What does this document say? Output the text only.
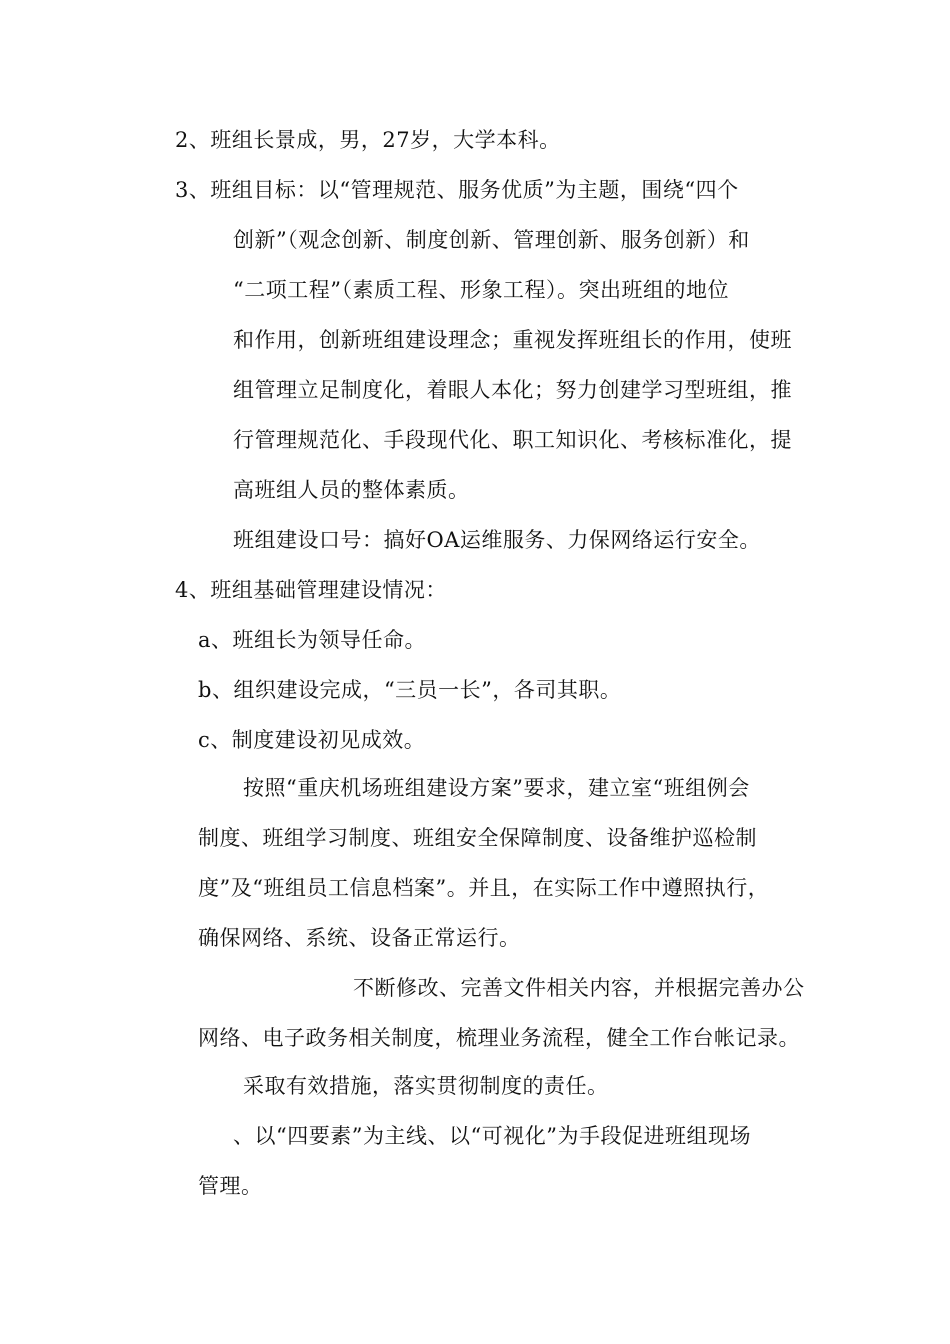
2、班组长景成，男，27岁，大学本科。
3、班组目标：以“管理规范、服务优质”为主题，围绕“四个
创新”（观念创新、制度创新、管理创新、服务创新）和
“二项工程”（素质工程、形象工程）。突出班组的地位
和作用，创新班组建设理念；重视发挥班组长的作用，使班
组管理立足制度化，着眼人本化；努力创建学习型班组，推
行管理规范化、手段现代化、职工知识化、考核标准化，提
高班组人员的整体素质。
班组建设口号：搞好OA运维服务、力保网络运行安全。
4、班组基础管理建设情况：
a、班组长为领导任命。
b、组织建设完成，“三员一长”，各司其职。
c、制度建设初见成效。
按照“重庆机场班组建设方案”要求，建立室“班组例会
制度、班组学习制度、班组安全保障制度、设备维护巡检制
度”及“班组员工信息档案”。并且，在实际工作中遵照执行，
确保网络、系统、设备正常运行。
不断修改、完善文件相关内容，并根据完善办公
网络、电子政务相关制度，梳理业务流程，健全工作台帐记录。
采取有效措施，落实贯彻制度的责任。
、以“四要素”为主线、以“可视化”为手段促进班组现场
管理。
